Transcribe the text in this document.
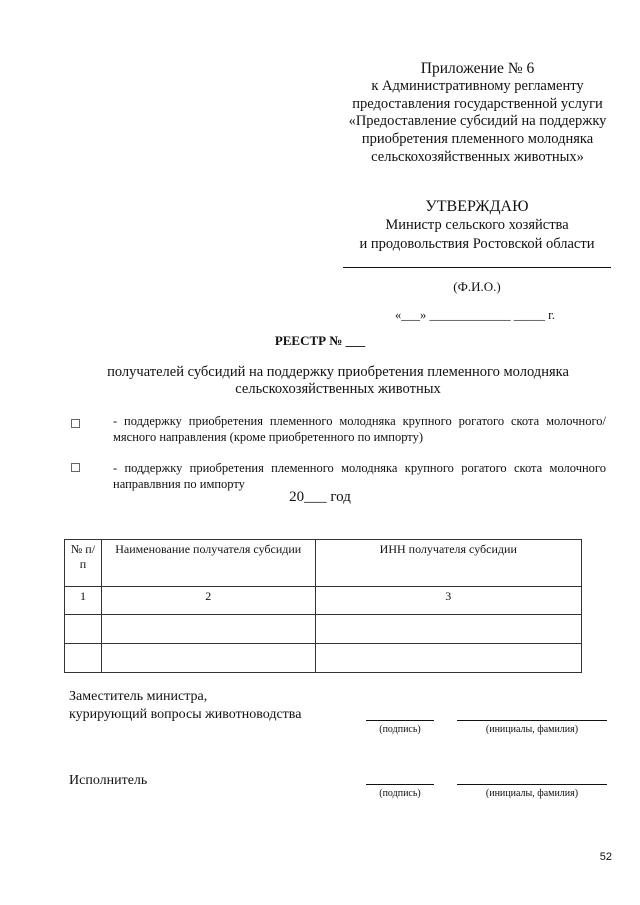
Приложение № 6
к Административному регламенту
предоставления государственной услуги
«Предоставление субсидий на поддержку
приобретения племенного молодняка
сельскохозяйственных животных»
УТВЕРЖДАЮ
Министр сельского хозяйства
и продовольствия Ростовской области
(Ф.И.О.)
«___» _____________ _____ г.
РЕЕСТР № ___
получателей субсидий на поддержку приобретения племенного молодняка
сельскохозяйственных животных
- поддержку приобретения племенного молодняка крупного рогатого скота молочного/мясного направления (кроме приобретенного по импорту)
- поддержку приобретения племенного молодняка крупного рогатого скота молочного направлвния по импорту
20___ год
№ п/п	Наименование получателя субсидии	ИНН получателя субсидии
1	2	3

Заместитель министра,
курирующий вопросы животноводства
(подпись)	(инициалы, фамилия)
Исполнитель
(подпись)	(инициалы, фамилия)
52
